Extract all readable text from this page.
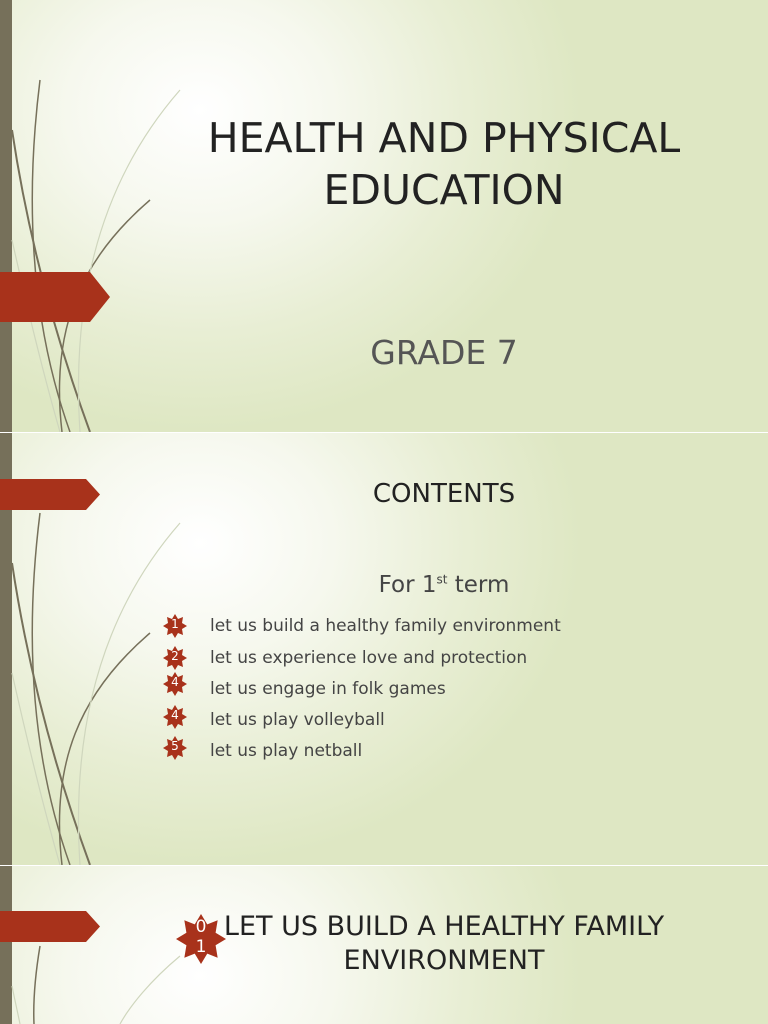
HEALTH AND PHYSICAL
EDUCATION
GRADE 7
CONTENTS
For 1st term
1	let us build a healthy family environment
2	let us experience love and protection
4	let us engage in folk games
4	let us play volleyball
5	let us play netball
LET US BUILD A HEALTHY FAMILY
ENVIRONMENT
0
1
